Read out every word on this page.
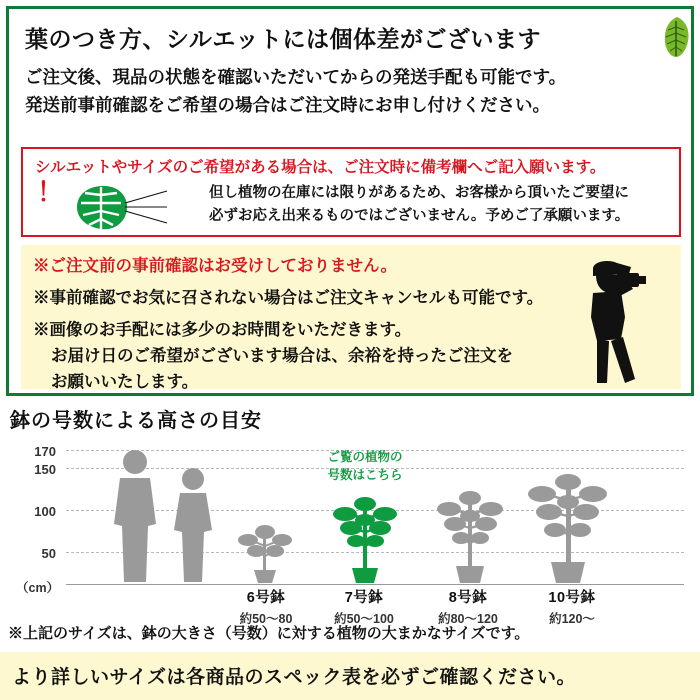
葉のつき方、シルエットには個体差がございます
ご注文後、現品の状態を確認いただいてからの発送手配も可能です。
発送前事前確認をご希望の場合はご注文時にお申し付けください。
シルエットやサイズのご希望がある場合は、ご注文時に備考欄へご記入願います。
！	但し植物の在庫には限りがあるため、お客様から頂いたご要望に
必ずお応え出来るものではございません。予めご了承願います。
※ご注文前の事前確認はお受けしておりません。
※事前確認でお気に召されない場合はご注文キャンセルも可能です。
※画像のお手配には多少のお時間をいただきます。
お届け日のご希望がございます場合は、余裕を持ったご注文を
お願いいたします。
鉢の号数による高さの目安
170
150
100
50
（cm）
ご覧の植物の
号数はこちら
6号鉢
約50〜80
7号鉢
約50〜100
8号鉢
約80〜120
10号鉢
約120〜
※上記のサイズは、鉢の大きさ（号数）に対する植物の大まかなサイズです。
より詳しいサイズは各商品のスペック表を必ずご確認ください。
